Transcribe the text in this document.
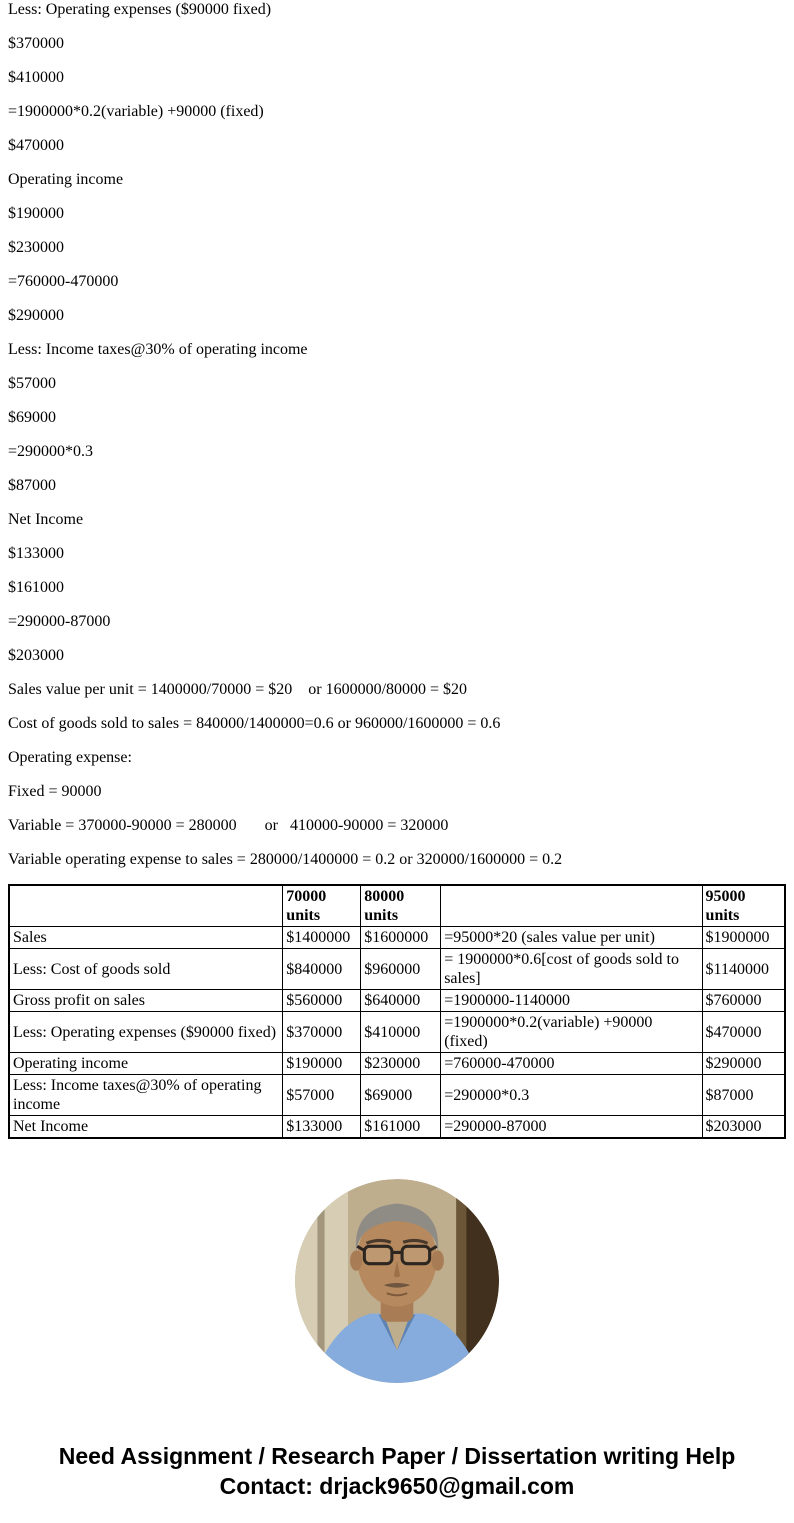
Less: Operating expenses ($90000 fixed)

$370000

$410000

=1900000*0.2(variable) +90000 (fixed)

$470000

Operating income

$190000

$230000

=760000-470000

$290000

Less: Income taxes@30% of operating income

$57000

$69000

=290000*0.3

$87000

Net Income

$133000

$161000

=290000-87000

$203000

Sales value per unit = 1400000/70000 = $20    or 1600000/80000 = $20

Cost of goods sold to sales = 840000/1400000=0.6 or 960000/1600000 = 0.6

Operating expense:

Fixed = 90000

Variable = 370000-90000 = 280000       or   410000-90000 = 320000

Variable operating expense to sales = 280000/1400000 = 0.2 or 320000/1600000 = 0.2

	70000 units	80000 units		95000 units
Sales	$1400000	$1600000	=95000*20 (sales value per unit)	$1900000
Less: Cost of goods sold	$840000	$960000	= 1900000*0.6[cost of goods sold to sales]	$1140000
Gross profit on sales	$560000	$640000	=1900000-1140000	$760000
Less: Operating expenses ($90000 fixed)	$370000	$410000	=1900000*0.2(variable) +90000 (fixed)	$470000
Operating income	$190000	$230000	=760000-470000	$290000
Less: Income taxes@30% of operating income	$57000	$69000	=290000*0.3	$87000
Net Income	$133000	$161000	=290000-87000	$203000
Need Assignment / Research Paper / Dissertation writing Help
Contact: drjack9650@gmail.com
